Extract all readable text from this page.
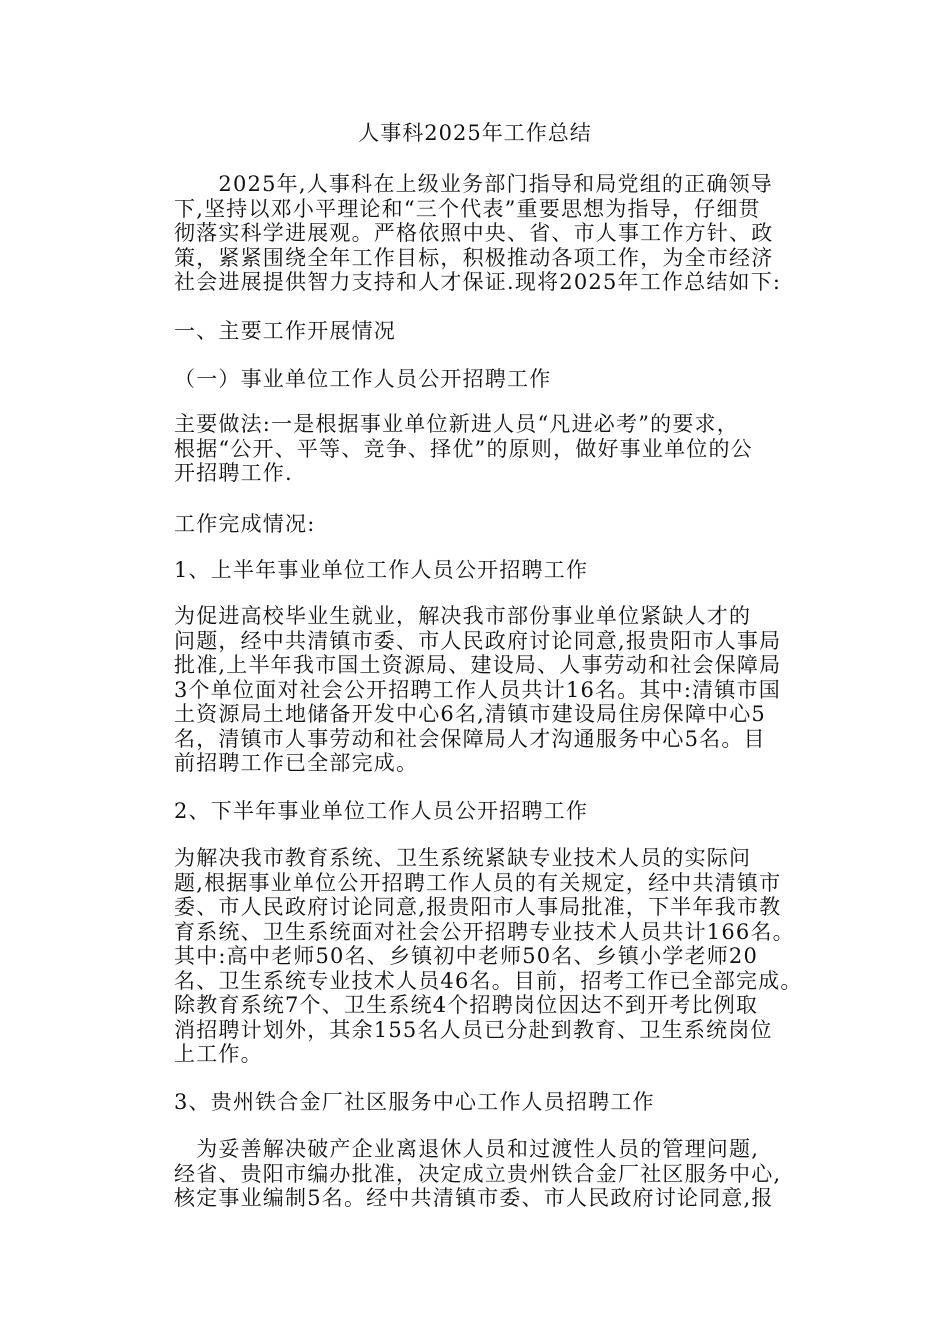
人事科2025年工作总结
　　2025年,人事科在上级业务部门指导和局党组的正确领导
下,坚持以邓小平理论和“三个代表”重要思想为指导，仔细贯
彻落实科学进展观。严格依照中央、省、市人事工作方针、政
策，紧紧围绕全年工作目标，积极推动各项工作，为全市经济
社会进展提供智力支持和人才保证.现将2025年工作总结如下:
一、主要工作开展情况
（一）事业单位工作人员公开招聘工作
主要做法:一是根据事业单位新进人员“凡进必考”的要求，
根据“公开、平等、竞争、择优”的原则，做好事业单位的公
开招聘工作.
工作完成情况:
1、上半年事业单位工作人员公开招聘工作
为促进高校毕业生就业，解决我市部份事业单位紧缺人才的
问题，经中共清镇市委、市人民政府讨论同意,报贵阳市人事局
批准,上半年我市国土资源局、建设局、人事劳动和社会保障局
3个单位面对社会公开招聘工作人员共计16名。其中:清镇市国
土资源局土地储备开发中心6名,清镇市建设局住房保障中心5
名，清镇市人事劳动和社会保障局人才沟通服务中心5名。目
前招聘工作已全部完成。
2、下半年事业单位工作人员公开招聘工作
为解决我市教育系统、卫生系统紧缺专业技术人员的实际问
题,根据事业单位公开招聘工作人员的有关规定，经中共清镇市
委、市人民政府讨论同意,报贵阳市人事局批准，下半年我市教
育系统、卫生系统面对社会公开招聘专业技术人员共计166名。
其中:高中老师50名、乡镇初中老师50名、乡镇小学老师20
名、卫生系统专业技术人员46名。目前，招考工作已全部完成。
除教育系统7个、卫生系统4个招聘岗位因达不到开考比例取
消招聘计划外，其余155名人员已分赴到教育、卫生系统岗位
上工作。
3、贵州铁合金厂社区服务中心工作人员招聘工作
　为妥善解决破产企业离退休人员和过渡性人员的管理问题,
经省、贵阳市编办批准，决定成立贵州铁合金厂社区服务中心,
核定事业编制5名。经中共清镇市委、市人民政府讨论同意,报
